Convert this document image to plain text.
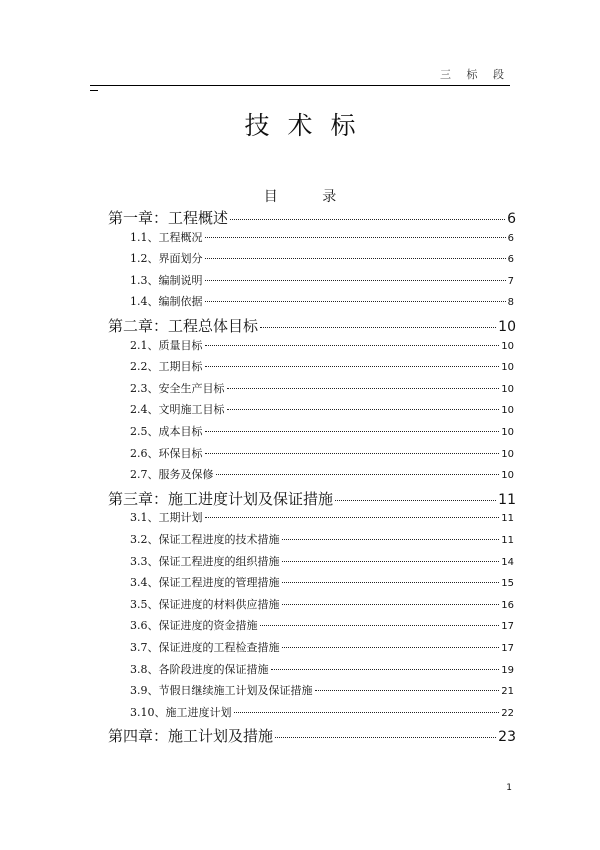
三 标 段
技术标
目 录
第一章 ： 工程概述	6
1.1 、 工程概况	6
1.2 、 界面划分	6
1.3 、 编制说明	7
1.4 、 编制依据	8
第二章 ： 工程总体目标	10
2.1 、 质量目标	10
2.2 、 工期目标	10
2.3 、 安全生产目标	10
2.4 、 文明施工目标	10
2.5 、 成本目标	10
2.6 、 环保目标	10
2.7 、 服务及保修	10
第三章 ： 施工进度计划及保证措施	11
3.1 、 工期计划	11
3.2 、 保证工程进度的技术措施	11
3.3 、 保证工程进度的组织措施	14
3.4 、 保证工程进度的管理措施	15
3.5 、 保证进度的材料供应措施	16
3.6 、 保证进度的资金措施	17
3.7 、 保证进度的工程检查措施	17
3.8 、 各阶段进度的保证措施	19
3.9 、 节假日继续施工计划及保证措施	21
3.10 、 施工进度计划	22
第四章 ： 施工计划及措施	23
1
